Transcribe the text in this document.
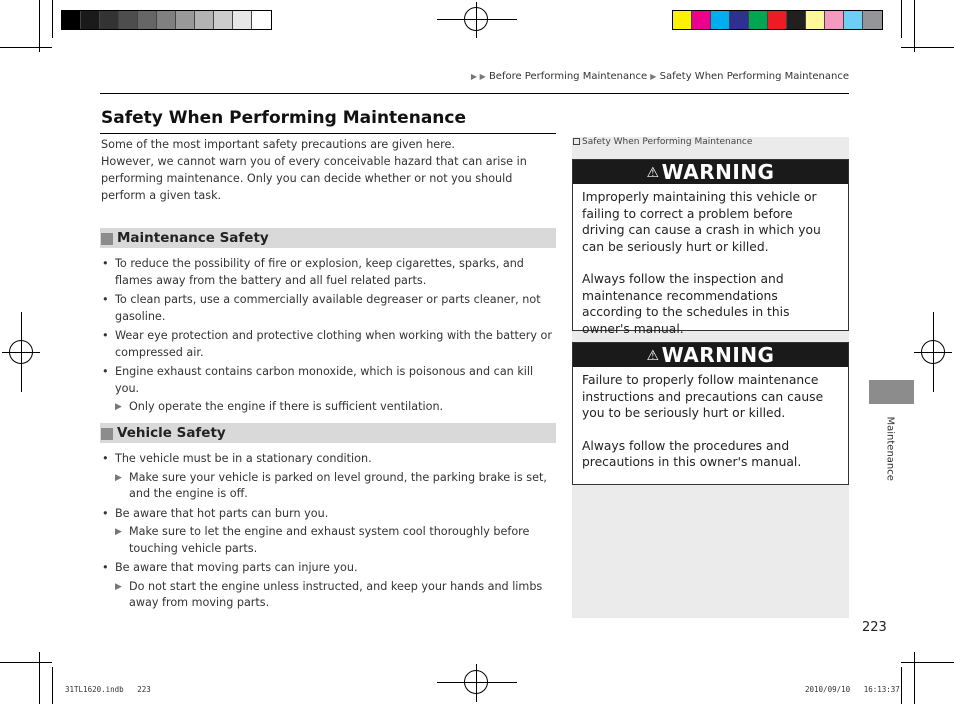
▶ ▶ Before Performing Maintenance ▶ Safety When Performing Maintenance
Safety When Performing Maintenance

Some of the most important safety precautions are given here.

However, we cannot warn you of every conceivable hazard that can arise in performing maintenance. Only you can decide whether or not you should perform a given task.

Maintenance Safety
• To reduce the possibility of fire or explosion, keep cigarettes, sparks, and flames away from the battery and all fuel related parts.
• To clean parts, use a commercially available degreaser or parts cleaner, not gasoline.
• Wear eye protection and protective clothing when working with the battery or compressed air.
• Engine exhaust contains carbon monoxide, which is poisonous and can kill you.
▶ Only operate the engine if there is sufficient ventilation.
Vehicle Safety
• The vehicle must be in a stationary condition.
▶ Make sure your vehicle is parked on level ground, the parking brake is set, and the engine is off.
• Be aware that hot parts can burn you.
▶ Make sure to let the engine and exhaust system cool thoroughly before touching vehicle parts.
• Be aware that moving parts can injure you.
▶ Do not start the engine unless instructed, and keep your hands and limbs away from moving parts.
Safety When Performing Maintenance
⚠ WARNING

Improperly maintaining this vehicle or failing to correct a problem before driving can cause a crash in which you can be seriously hurt or killed.

Always follow the inspection and maintenance recommendations according to the schedules in this owner's manual.

⚠ WARNING

Failure to properly follow maintenance instructions and precautions can cause you to be seriously hurt or killed.

Always follow the procedures and precautions in this owner's manual.	Maintenance
223
31TL1620.indb   223	2010/09/10   16:13:37
